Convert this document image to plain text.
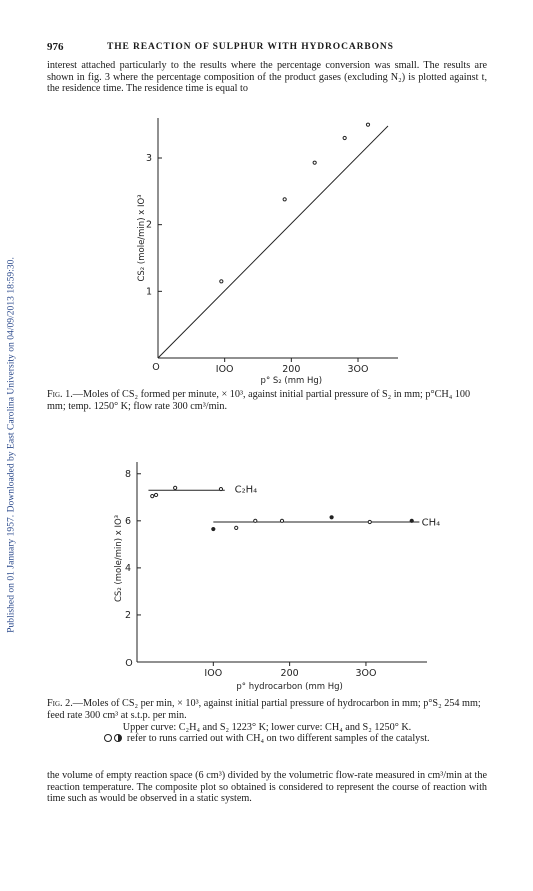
Published on 01 January 1957. Downloaded by East Carolina University on 04/09/2013 18:59:30.
976	THE REACTION OF SULPHUR WITH HYDROCARBONS

interest attached particularly to the results where the percentage conversion was small. The results are shown in fig. 3 where the percentage composition of the product gases (excluding N₂) is plotted against t, the residence time. The residence time is equal to

IOO	200	3OO
1
2
3
O
p° S₂ (mm Hg)
CS₂ (mole/min) x IO³

Fig. 1.—Moles of CS₂ formed per minute, × 10³, against initial partial pressure of S₂ in mm; p°CH₄ 100 mm; temp. 1250° K; flow rate 300 cm³/min.

IOO	200	3OO
2
4
6
8
O
p° hydrocarbon (mm Hg)
CS₂ (mole/min) x IO³
C₂H₄
CH₄
Fig. 2.—Moles of CS₂ per min, × 10³, against initial partial pressure of hydrocarbon in mm; p°S₂ 254 mm; feed rate 300 cm³ at s.t.p. per min.
Upper curve: C₂H₄ and S₂ 1223° K; lower curve: CH₄ and S₂ 1250° K.
refer to runs carried out with CH₄ on two different samples of the catalyst.

the volume of empty reaction space (6 cm³) divided by the volumetric flow-rate measured in cm³/min at the reaction temperature. The composite plot so obtained is considered to represent the course of reaction with time such as would be observed in a static system.
